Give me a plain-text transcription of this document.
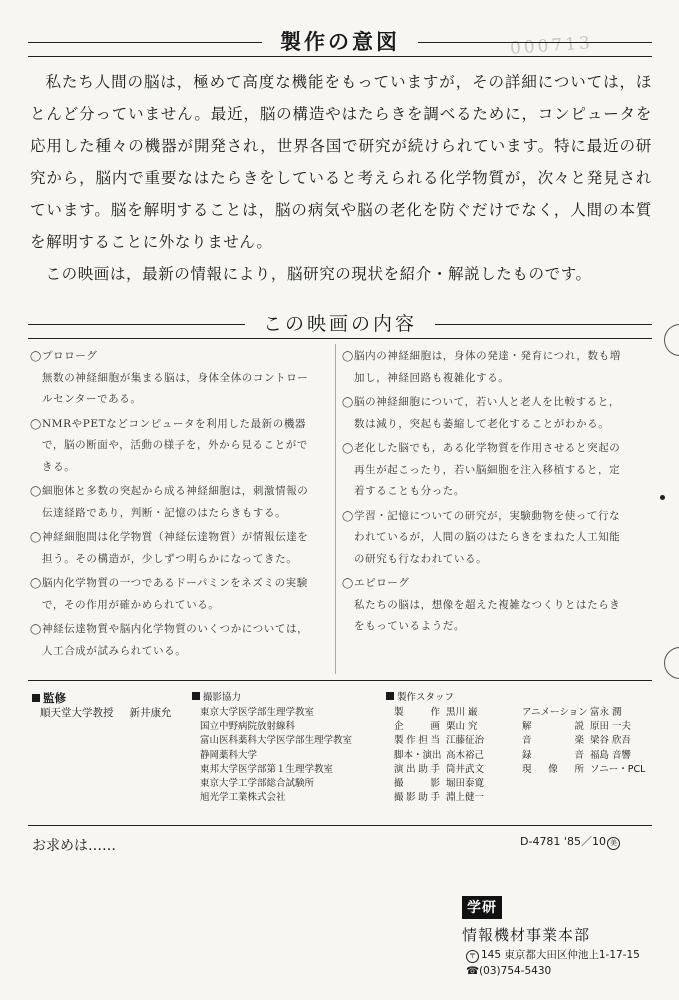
000713
製作の意図

私たち人間の脳は，極めて高度な機能をもっていますが，その詳細については，ほとんど分っていません。最近，脳の構造やはたらきを調べるために，コンピュータを応用した種々の機器が開発され，世界各国で研究が続けられています。特に最近の研究から，脳内で重要なはたらきをしていると考えられる化学物質が，次々と発見されています。脳を解明することは，脳の病気や脳の老化を防ぐだけでなく，人間の本質を解明することに外なりません。

この映画は，最新の情報により，脳研究の現状を紹介・解説したものです。

この映画の内容
◯プロローグ
無数の神経細胞が集まる脳は，身体全体のコントロー
ルセンターである。
◯NMRやPETなどコンピュータを利用した最新の機器
で，脳の断面や，活動の様子を，外から見ることがで
きる。
◯細胞体と多数の突起から成る神経細胞は，刺激情報の
伝達経路であり，判断・記憶のはたらきもする。
◯神経細胞間は化学物質（神経伝達物質）が情報伝達を
担う。その構造が，少しずつ明らかになってきた。
◯脳内化学物質の一つであるドーパミンをネズミの実験
で，その作用が確かめられている。
◯神経伝達物質や脳内化学物質のいくつかについては，
人工合成が試みられている。
◯脳内の神経細胞は，身体の発達・発育につれ，数も増
加し，神経回路も複雑化する。
◯脳の神経細胞について，若い人と老人を比較すると，
数は減り，突起も萎縮して老化することがわかる。
◯老化した脳でも，ある化学物質を作用させると突起の
再生が起こったり，若い脳細胞を注入移植すると，定
着することも分った。
◯学習・記憶についての研究が，実験動物を使って行な
われているが，人間の脳のはたらきをまねた人工知能
の研究も行なわれている。
◯エピローグ
私たちの脳は，想像を超えた複雑なつくりとはたらき
をもっているようだ。
監修
順天堂大学教授 新井康允
撮影協力
東京大学医学部生理学教室
国立中野病院放射線科
富山医科薬科大学医学部生理学教室
静岡薬科大学
東邦大学医学部第１生理学教室
東京大学工学部総合試験所
旭光学工業株式会社
製作スタッフ
製作 黒川 巌	アニメーション 富永 潤
企画 栗山 究	解説 原田 一夫
製作担当 江藤征治	音楽 梁谷 欣吾
脚本・演出 高木裕己	録音 福島 音響
演出助手 筒井武文	現像所 ソニー・PCL
撮影 堀田泰寛
撮影助手 淵上健一
お求めは……	D-4781 '85／10 美
学研
情報機材事業本部
〒 145 東京都大田区仲池上1-17-15
☎(03)754-5430
